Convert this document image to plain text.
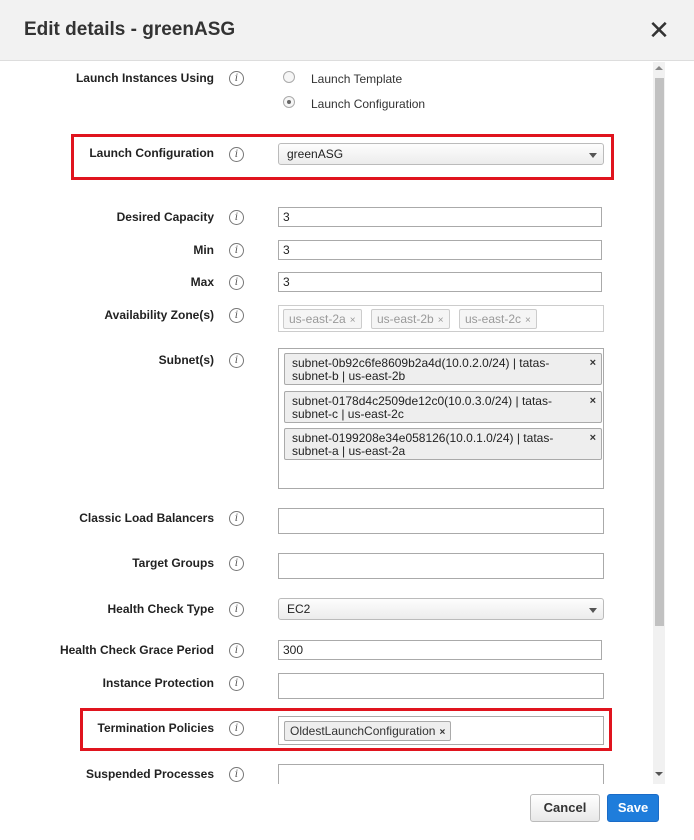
Edit details - greenASG	✕
Launch Instances Using	i	Launch Template
Launch Configuration
Launch Configuration	i	greenASG
Desired Capacity	i	3
Min	i	3
Max	i	3
Availability Zone(s)	i	us-east-2a ×	us-east-2b ×	us-east-2c ×
Subnet(s)	i	subnet-0b92c6fe8609b2a4d(10.0.2.0/24) | tatas-
subnet-b | us-east-2b
×
subnet-0178d4c2509de12c0(10.0.3.0/24) | tatas-
subnet-c | us-east-2c
×
subnet-0199208e34e058126(10.0.1.0/24) | tatas-
subnet-a | us-east-2a
×
Classic Load Balancers	i
Target Groups	i
Health Check Type	i	EC2
Health Check Grace Period	i	300
Instance Protection	i
Termination Policies	i	OldestLaunchConfiguration ×
Suspended Processes	i
Cancel	Save
